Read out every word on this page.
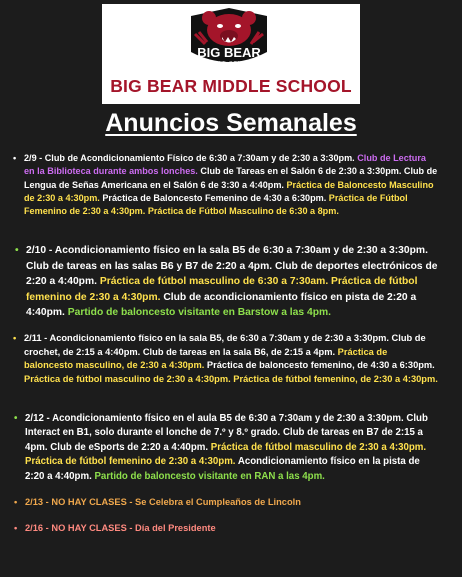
BIG BEAR
MIDDLE SCHOOL
BIG BEAR MIDDLE SCHOOL
Anuncios Semanales
• 2/9 - Club de Acondicionamiento Físico de 6:30 a 7:30am y de 2:30 a 3:30pm. Club de Lectura en la Biblioteca durante ambos lonches. Club de Tareas en el Salón 6 de 2:30 a 3:30pm. Club de Lengua de Señas Americana en el Salón 6 de 3:30 a 4:40pm. Práctica de Baloncesto Masculino de 2:30 a 4:30pm. Práctica de Baloncesto Femenino de 4:30 a 6:30pm. Práctica de Fútbol Femenino de 2:30 a 4:30pm. Práctica de Fútbol Masculino de 6:30 a 8pm.
• 2/10 - Acondicionamiento físico en la sala B5 de 6:30 a 7:30am y de 2:30 a 3:30pm. Club de tareas en las salas B6 y B7 de 2:20 a 4pm. Club de deportes electrónicos de 2:20 a 4:40pm. Práctica de fútbol masculino de 6:30 a 7:30am. Práctica de fútbol femenino de 2:30 a 4:30pm. Club de acondicionamiento físico en pista de 2:20 a 4:40pm. Partido de baloncesto visitante en Barstow a las 4pm.
• 2/11 - Acondicionamiento físico en la sala B5, de 6:30 a 7:30am y de 2:30 a 3:30pm. Club de crochet, de 2:15 a 4:40pm. Club de tareas en la sala B6, de 2:15 a 4pm. Práctica de baloncesto masculino, de 2:30 a 4:30pm. Práctica de baloncesto femenino, de 4:30 a 6:30pm. Práctica de fútbol masculino de 2:30 a 4:30pm. Práctica de fútbol femenino, de 2:30 a 4:30pm.
• 2/12 - Acondicionamiento físico en el aula B5 de 6:30 a 7:30am y de 2:30 a 3:30pm. Club Interact en B1, solo durante el lonche de 7.º y 8.º grado. Club de tareas en B7 de 2:15 a 4pm. Club de eSports de 2:20 a 4:40pm. Práctica de fútbol masculino de 2:30 a 4:30pm. Práctica de fútbol femenino de 2:30 a 4:30pm. Acondicionamiento físico en la pista de 2:20 a 4:40pm. Partido de baloncesto visitante en RAN a las 4pm.
• 2/13 - NO HAY CLASES - Se Celebra el Cumpleaños de Lincoln
• 2/16 - NO HAY CLASES - Día del Presidente
